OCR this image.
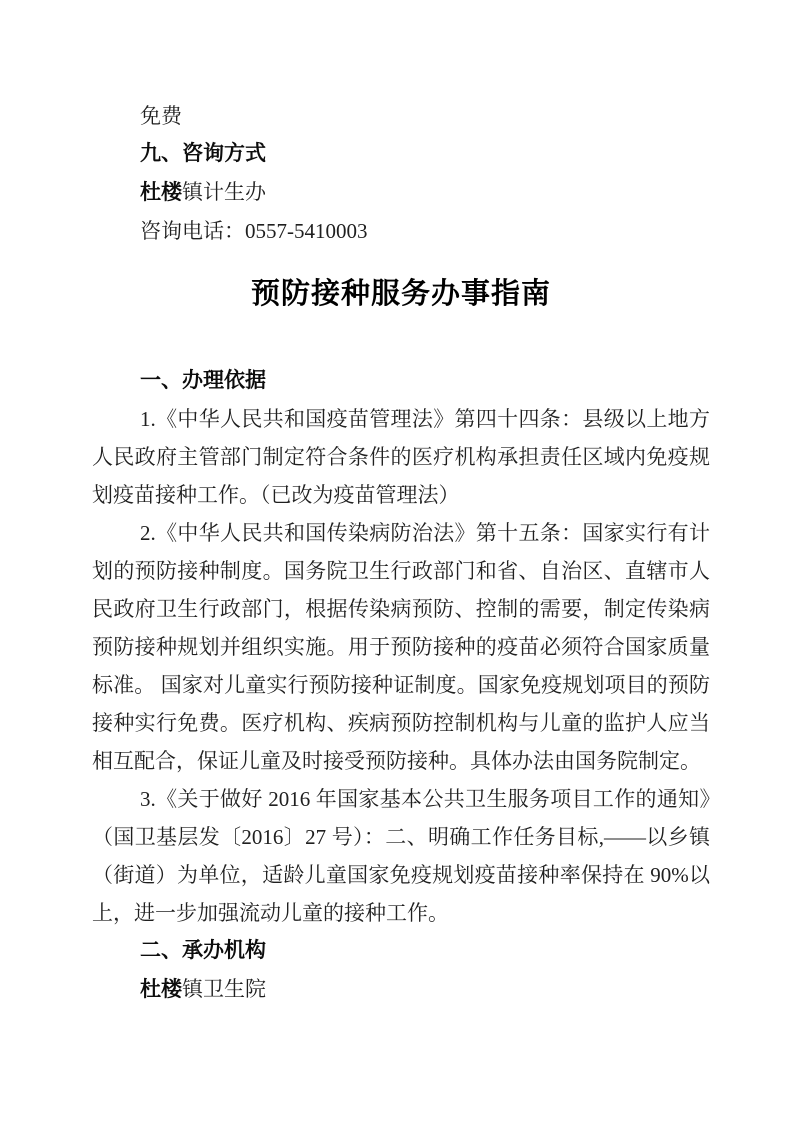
免费

九、咨询方式

杜楼镇计生办

咨询电话：0557-5410003

预防接种服务办事指南

一、办理依据

1.《中华人民共和国疫苗管理法》第四十四条：县级以上地方人民政府主管部门制定符合条件的医疗机构承担责任区域内免疫规划疫苗接种工作。（已改为疫苗管理法）

2.《中华人民共和国传染病防治法》第十五条：国家实行有计划的预防接种制度。国务院卫生行政部门和省、自治区、直辖市人民政府卫生行政部门，根据传染病预防、控制的需要，制定传染病预防接种规划并组织实施。用于预防接种的疫苗必须符合国家质量标准。 国家对儿童实行预防接种证制度。国家免疫规划项目的预防接种实行免费。医疗机构、疾病预防控制机构与儿童的监护人应当相互配合，保证儿童及时接受预防接种。具体办法由国务院制定。

3.《关于做好 2016 年国家基本公共卫生服务项目工作的通知》（国卫基层发〔2016〕27 号）：二、明确工作任务目标,——以乡镇（街道）为单位，适龄儿童国家免疫规划疫苗接种率保持在 90%以上，进一步加强流动儿童的接种工作。

二、承办机构

杜楼镇卫生院
